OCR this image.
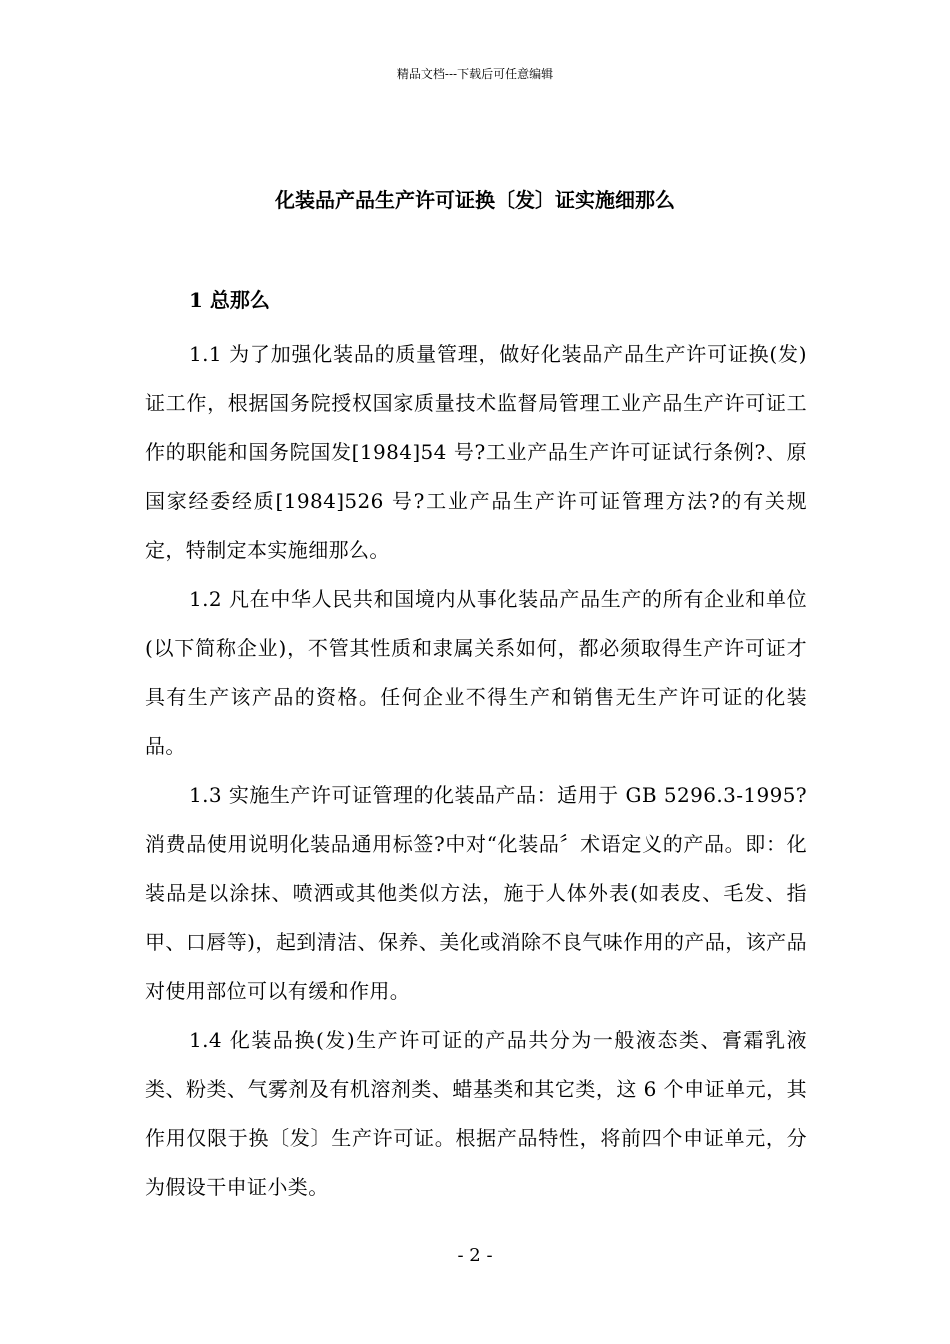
精品文档---下载后可任意编辑
化装品产品生产许可证换〔发〕证实施细那么

1 总那么

1.1 为了加强化装品的质量管理，做好化装品产品生产许可证换(发)证工作，根据国务院授权国家质量技术监督局管理工业产品生产许可证工作的职能和国务院国发[1984]54 号?工业产品生产许可证试行条例?、原国家经委经质[1984]526 号?工业产品生产许可证管理方法?的有关规定，特制定本实施细那么。

1.2 凡在中华人民共和国境内从事化装品产品生产的所有企业和单位(以下简称企业)，不管其性质和隶属关系如何，都必须取得生产许可证才具有生产该产品的资格。任何企业不得生产和销售无生产许可证的化装品。

1.3 实施生产许可证管理的化装品产品：适用于 GB 5296.3-1995?消费品使用说明化装品通用标签?中对“化装品〞术语定义的产品。即：化装品是以涂抹、喷洒或其他类似方法，施于人体外表(如表皮、毛发、指甲、口唇等)，起到清洁、保养、美化或消除不良气味作用的产品，该产品对使用部位可以有缓和作用。

1.4 化装品换(发)生产许可证的产品共分为一般液态类、膏霜乳液类、粉类、气雾剂及有机溶剂类、蜡基类和其它类，这 6 个申证单元，其作用仅限于换〔发〕生产许可证。根据产品特性，将前四个申证单元，分为假设干申证小类。

- 2 -
